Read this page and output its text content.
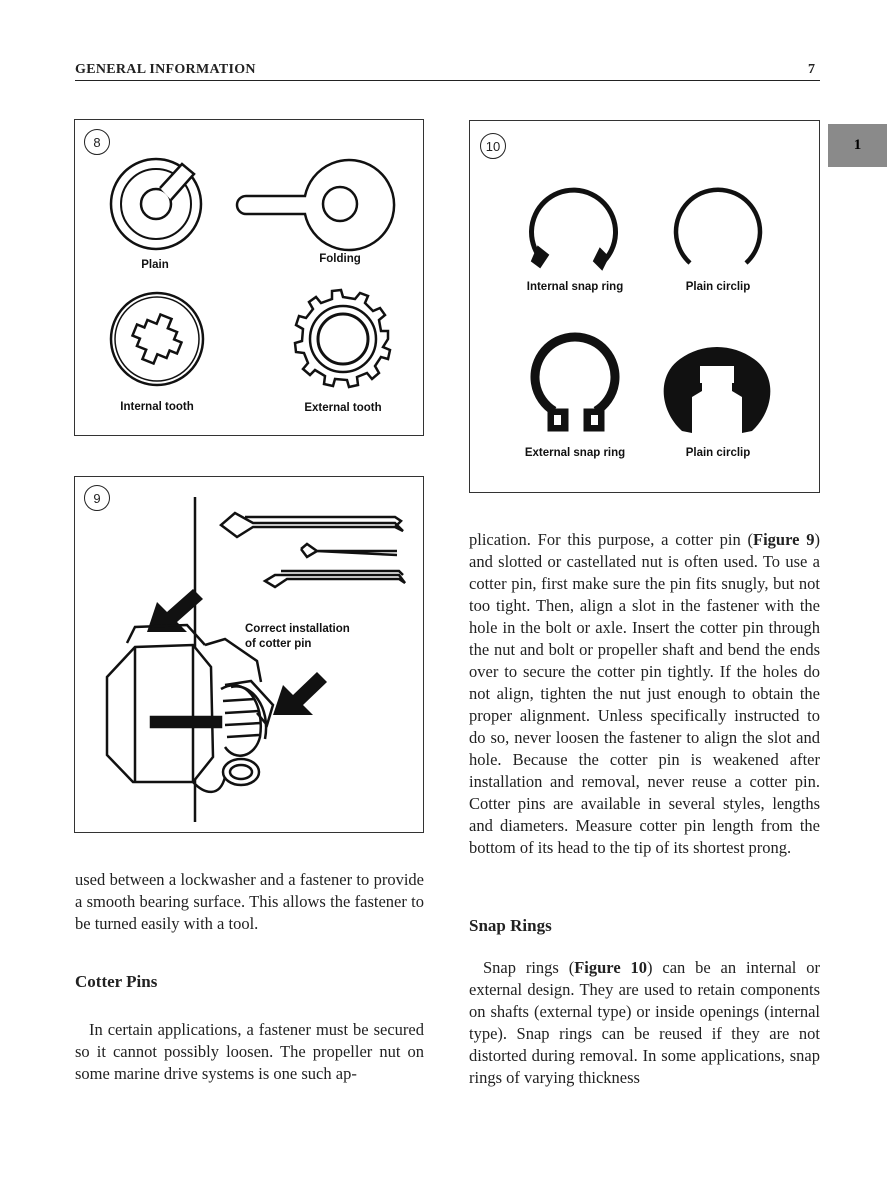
GENERAL INFORMATION	7
1
8
Plain	Folding
Internal tooth	External tooth
9
Correct installation
of cotter pin
10
Internal snap ring	Plain circlip
External snap ring	Plain circlip

used between a lockwasher and a fastener to provide a smooth bearing surface. This allows the fastener to be turned easily with a tool.

Cotter Pins

In certain applications, a fastener must be secured so it cannot possibly loosen. The propeller nut on some marine drive systems is one such ap-

plication. For this purpose, a cotter pin (Figure 9) and slotted or castellated nut is often used. To use a cotter pin, first make sure the pin fits snugly, but not too tight. Then, align a slot in the fastener with the hole in the bolt or axle. Insert the cotter pin through the nut and bolt or propeller shaft and bend the ends over to secure the cotter pin tightly. If the holes do not align, tighten the nut just enough to obtain the proper alignment. Unless specifically instructed to do so, never loosen the fastener to align the slot and hole. Because the cotter pin is weakened after installation and removal, never reuse a cotter pin. Cotter pins are available in several styles, lengths and diameters. Measure cotter pin length from the bottom of its head to the tip of its shortest prong.

Snap Rings

Snap rings (Figure 10) can be an internal or external design. They are used to retain components on shafts (external type) or inside openings (internal type). Snap rings can be reused if they are not distorted during removal. In some applications, snap rings of varying thickness
